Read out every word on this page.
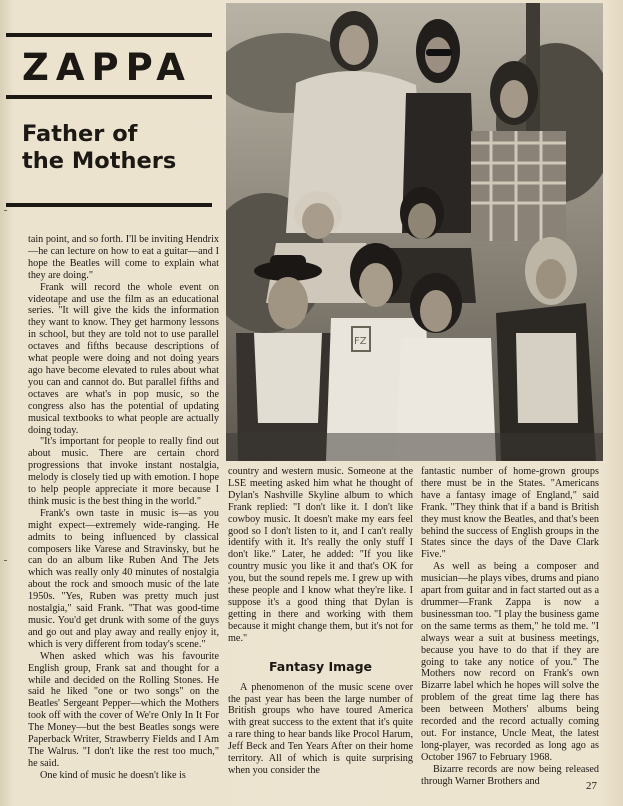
ZAPPA
Father of
the Mothers
FZ

tain point, and so forth. I'll be inviting Hendrix—he can lecture on how to eat a guitar—and I hope the Beatles will come to explain what they are doing."

Frank will record the whole event on videotape and use the film as an educational series. "It will give the kids the information they want to know. They get harmony lessons in school, but they are told not to use parallel octaves and fifths because descriptions of what people were doing and not doing years ago have become elevated to rules about what you can and cannot do. But parallel fifths and octaves are what's in pop music, so the congress also has the potential of updating musical textbooks to what people are actually doing today.

"It's important for people to really find out about music. There are certain chord progressions that invoke instant nostalgia, melody is closely tied up with emotion. I hope to help people appreciate it more because I think music is the best thing in the world."

Frank's own taste in music is—as you might expect—extremely wide-ranging. He admits to being influenced by classical composers like Varese and Stravinsky, but he can do an album like Ruben And The Jets which was really only 40 minutes of nostalgia about the rock and smooch music of the late 1950s. "Yes, Ruben was pretty much just nostalgia," said Frank. "That was good-time music. You'd get drunk with some of the guys and go out and play away and really enjoy it, which is very different from today's scene."

When asked which was his favourite English group, Frank sat and thought for a while and decided on the Rolling Stones. He said he liked "one or two songs" on the Beatles' Sergeant Pepper—which the Mothers took off with the cover of We're Only In It For The Money—but the best Beatles songs were Paperback Writer, Strawberry Fields and I Am The Walrus. "I don't like the rest too much," he said.

One kind of music he doesn't like is

country and western music. Someone at the LSE meeting asked him what he thought of Dylan's Nashville Skyline album to which Frank replied: "I don't like it. I don't like cowboy music. It doesn't make my ears feel good so I don't listen to it, and I can't really identify with it. It's really the only stuff I don't like." Later, he added: "If you like country music you like it and that's OK for you, but the sound repels me. I grew up with these people and I know what they're like. I suppose it's a good thing that Dylan is getting in there and working with them because it might change them, but it's not for me."

Fantasy Image

A phenomenon of the music scene over the past year has been the large number of British groups who have toured America with great success to the extent that it's quite a rare thing to hear bands like Procol Harum, Jeff Beck and Ten Years After on their home territory. All of which is quite surprising when you consider the

fantastic number of home-grown groups there must be in the States. "Americans have a fantasy image of England," said Frank. "They think that if a band is British they must know the Beatles, and that's been behind the success of English groups in the States since the days of the Dave Clark Five."

As well as being a composer and musician—he plays vibes, drums and piano apart from guitar and in fact started out as a drummer—Frank Zappa is now a businessman too. "I play the business game on the same terms as them," he told me. "I always wear a suit at business meetings, because you have to do that if they are going to take any notice of you." The Mothers now record on Frank's own Bizarre label which he hopes will solve the problem of the great time lag there has been between Mothers' albums being recorded and the record actually coming out. For instance, Uncle Meat, the latest long-player, was recorded as long ago as October 1967 to February 1968.

Bizarre records are now being released through Warner Brothers and	27
